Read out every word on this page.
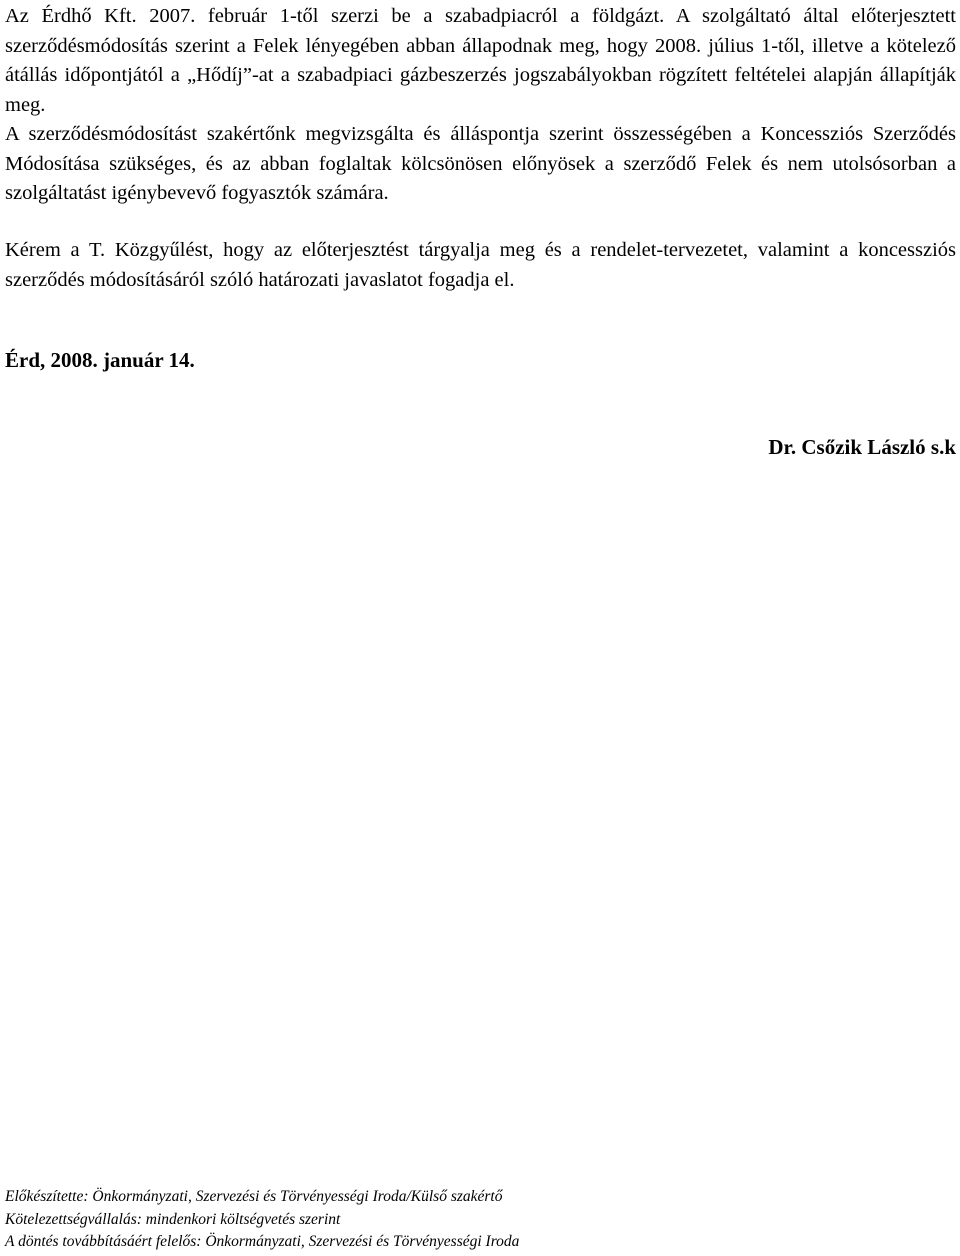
Az Érdhő Kft. 2007. február 1-től szerzi be a szabadpiacról a földgázt. A szolgáltató által előterjesztett szerződésmódosítás szerint a Felek lényegében abban állapodnak meg, hogy 2008. július 1-től, illetve a kötelező átállás időpontjától a „Hődíj”-at a szabadpiaci gázbeszerzés jogszabályokban rögzített feltételei alapján állapítják meg.

A szerződésmódosítást szakértőnk megvizsgálta és álláspontja szerint összességében a Koncessziós Szerződés Módosítása szükséges, és az abban foglaltak kölcsönösen előnyösek a szerződő Felek és nem utolsósorban a szolgáltatást igénybevevő fogyasztók számára.

Kérem a T. Közgyűlést, hogy az előterjesztést tárgyalja meg és a rendelet-tervezetet, valamint a koncessziós szerződés módosításáról szóló határozati javaslatot fogadja el.

Érd, 2008. január 14.

Dr. Csőzik László s.k

Előkészítette: Önkormányzati, Szervezési és Törvényességi Iroda/Külső szakértő
Kötelezettségvállalás: mindenkori költségvetés szerint
A döntés továbbításáért felelős: Önkormányzati, Szervezési és Törvényességi Iroda
